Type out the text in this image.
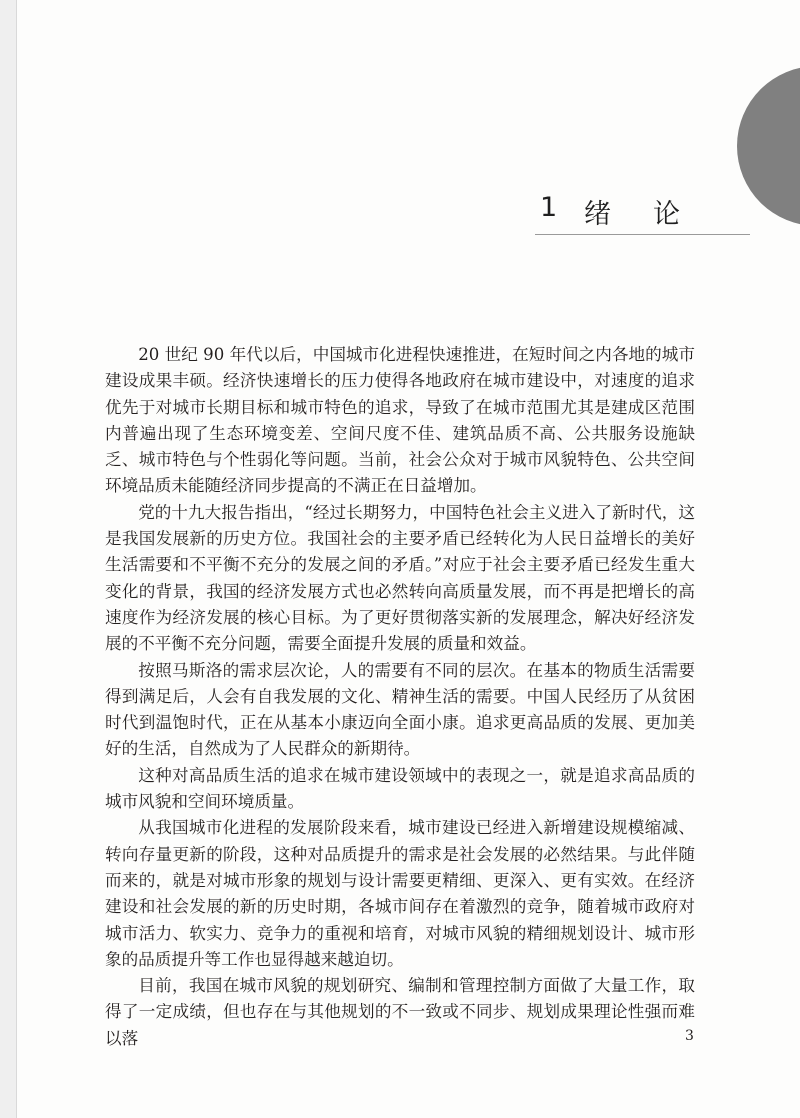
1 绪论

20 世纪 90 年代以后，中国城市化进程快速推进，在短时间之内各地的城市建设成果丰硕。经济快速增长的压力使得各地政府在城市建设中，对速度的追求优先于对城市长期目标和城市特色的追求，导致了在城市范围尤其是建成区范围内普遍出现了生态环境变差、空间尺度不佳、建筑品质不高、公共服务设施缺乏、城市特色与个性弱化等问题。当前，社会公众对于城市风貌特色、公共空间环境品质未能随经济同步提高的不满正在日益增加。

党的十九大报告指出，“经过长期努力，中国特色社会主义进入了新时代，这是我国发展新的历史方位。我国社会的主要矛盾已经转化为人民日益增长的美好生活需要和不平衡不充分的发展之间的矛盾。”对应于社会主要矛盾已经发生重大变化的背景，我国的经济发展方式也必然转向高质量发展，而不再是把增长的高速度作为经济发展的核心目标。为了更好贯彻落实新的发展理念，解决好经济发展的不平衡不充分问题，需要全面提升发展的质量和效益。

按照马斯洛的需求层次论，人的需要有不同的层次。在基本的物质生活需要得到满足后，人会有自我发展的文化、精神生活的需要。中国人民经历了从贫困时代到温饱时代，正在从基本小康迈向全面小康。追求更高品质的发展、更加美好的生活，自然成为了人民群众的新期待。

这种对高品质生活的追求在城市建设领域中的表现之一，就是追求高品质的城市风貌和空间环境质量。

从我国城市化进程的发展阶段来看，城市建设已经进入新增建设规模缩减、转向存量更新的阶段，这种对品质提升的需求是社会发展的必然结果。与此伴随而来的，就是对城市形象的规划与设计需要更精细、更深入、更有实效。在经济建设和社会发展的新的历史时期，各城市间存在着激烈的竞争，随着城市政府对城市活力、软实力、竞争力的重视和培育，对城市风貌的精细规划设计、城市形象的品质提升等工作也显得越来越迫切。

目前，我国在城市风貌的规划研究、编制和管理控制方面做了大量工作，取得了一定成绩，但也存在与其他规划的不一致或不同步、规划成果理论性强而难以落	3
